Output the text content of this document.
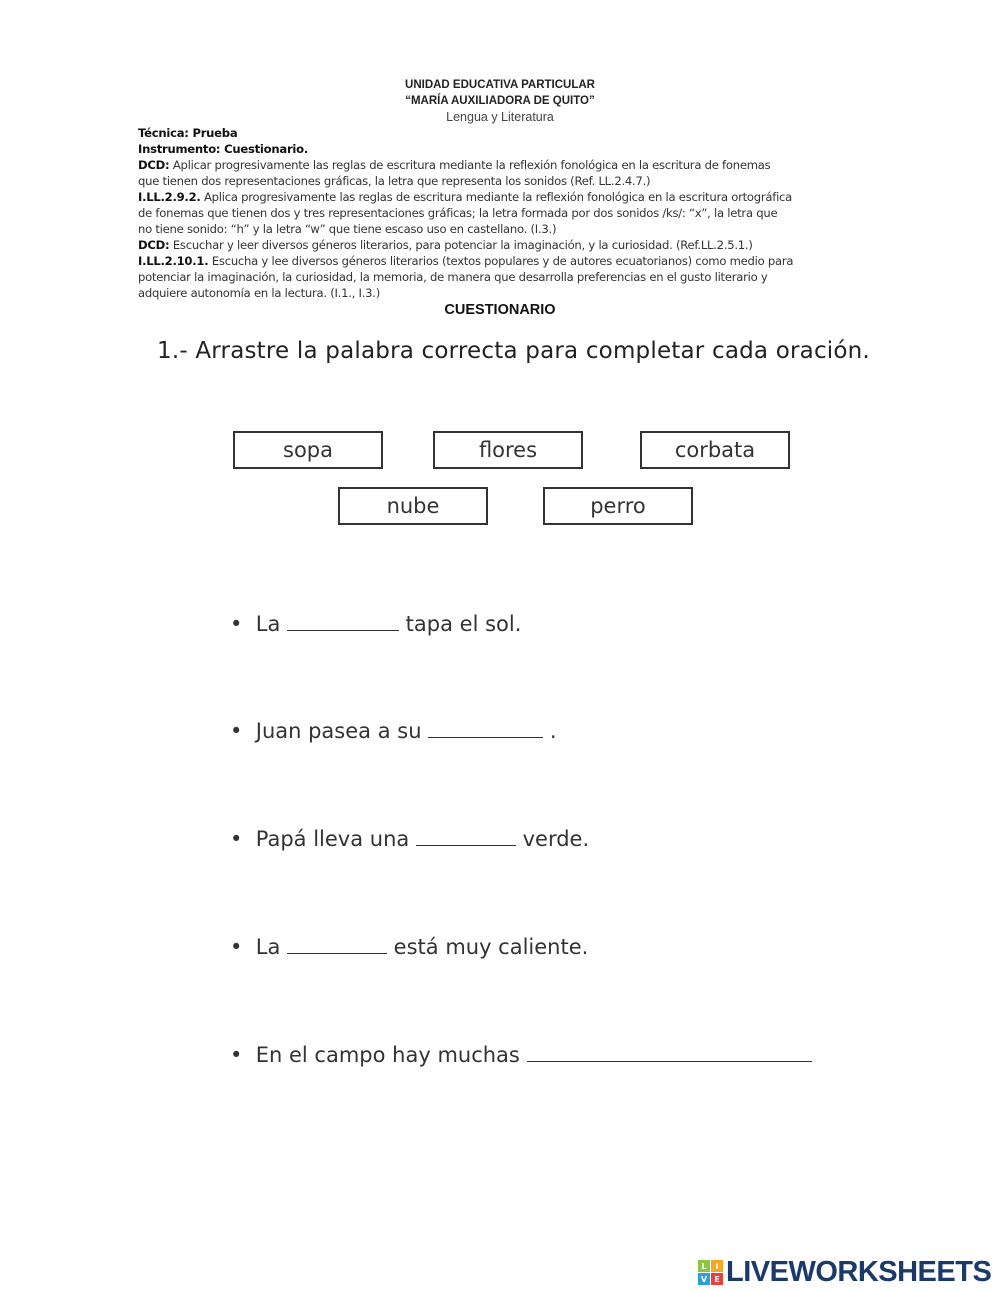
UNIDAD EDUCATIVA PARTICULAR
“MARÍA AUXILIADORA DE QUITO”
Lengua y Literatura
Técnica: Prueba
Instrumento: Cuestionario.
DCD: Aplicar progresivamente las reglas de escritura mediante la reflexión fonológica en la escritura de fonemas
que tienen dos representaciones gráficas, la letra que representa los sonidos (Ref. LL.2.4.7.)
I.LL.2.9.2. Aplica progresivamente las reglas de escritura mediante la reflexión fonológica en la escritura ortográfica
de fonemas que tienen dos y tres representaciones gráficas; la letra formada por dos sonidos /ks/: “x”, la letra que
no tiene sonido: “h” y la letra “w” que tiene escaso uso en castellano. (I.3.)
DCD: Escuchar y leer diversos géneros literarios, para potenciar la imaginación, y la curiosidad. (Ref.LL.2.5.1.)
I.LL.2.10.1. Escucha y lee diversos géneros literarios (textos populares y de autores ecuatorianos) como medio para
potenciar la imaginación, la curiosidad, la memoria, de manera que desarrolla preferencias en el gusto literario y
adquiere autonomía en la lectura. (I.1., I.3.)
CUESTIONARIO
1.- Arrastre la palabra correcta para completar cada oración.
sopa	flores	corbata
nube	perro
• La	tapa el sol.
• Juan pasea a su	.
• Papá lleva una	verde.
• La	está muy caliente.
• En el campo hay muchas
L	I
V E LIVEWORKSHEETS
